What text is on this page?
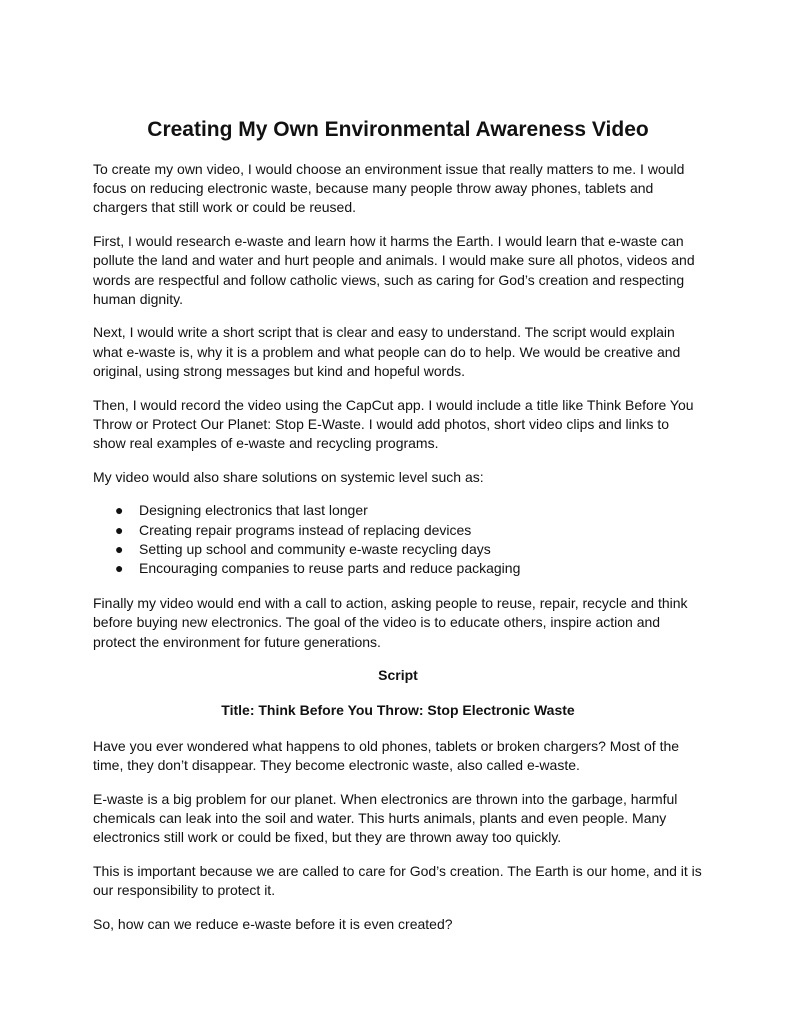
Creating My Own Environmental Awareness Video

To create my own video, I would choose an environment issue that really matters to me. I would focus on reducing electronic waste, because many people throw away phones, tablets and chargers that still work or could be reused.

First, I would research e-waste and learn how it harms the Earth. I would learn that e-waste can pollute the land and water and hurt people and animals. I would make sure all photos, videos and words are respectful and follow catholic views, such as caring for God’s creation and respecting human dignity.

Next, I would write a short script that is clear and easy to understand. The script would explain what e-waste is, why it is a problem and what people can do to help. We would be creative and original, using strong messages but kind and hopeful words.

Then, I would record the video using the CapCut app. I would include a title like Think Before You Throw or Protect Our Planet: Stop E-Waste. I would add photos, short video clips and links to show real examples of e-waste and recycling programs.

My video would also share solutions on systemic level such as:

● Designing electronics that last longer
● Creating repair programs instead of replacing devices
● Setting up school and community e-waste recycling days
● Encouraging companies to reuse parts and reduce packaging

Finally my video would end with a call to action, asking people to reuse, repair, recycle and think before buying new electronics. The goal of the video is to educate others, inspire action and protect the environment for future generations.

Script
Title: Think Before You Throw: Stop Electronic Waste

Have you ever wondered what happens to old phones, tablets or broken chargers? Most of the time, they don’t disappear. They become electronic waste, also called e-waste.

E-waste is a big problem for our planet. When electronics are thrown into the garbage, harmful chemicals can leak into the soil and water. This hurts animals, plants and even people. Many electronics still work or could be fixed, but they are thrown away too quickly.

This is important because we are called to care for God’s creation. The Earth is our home, and it is our responsibility to protect it.

So, how can we reduce e-waste before it is even created?
